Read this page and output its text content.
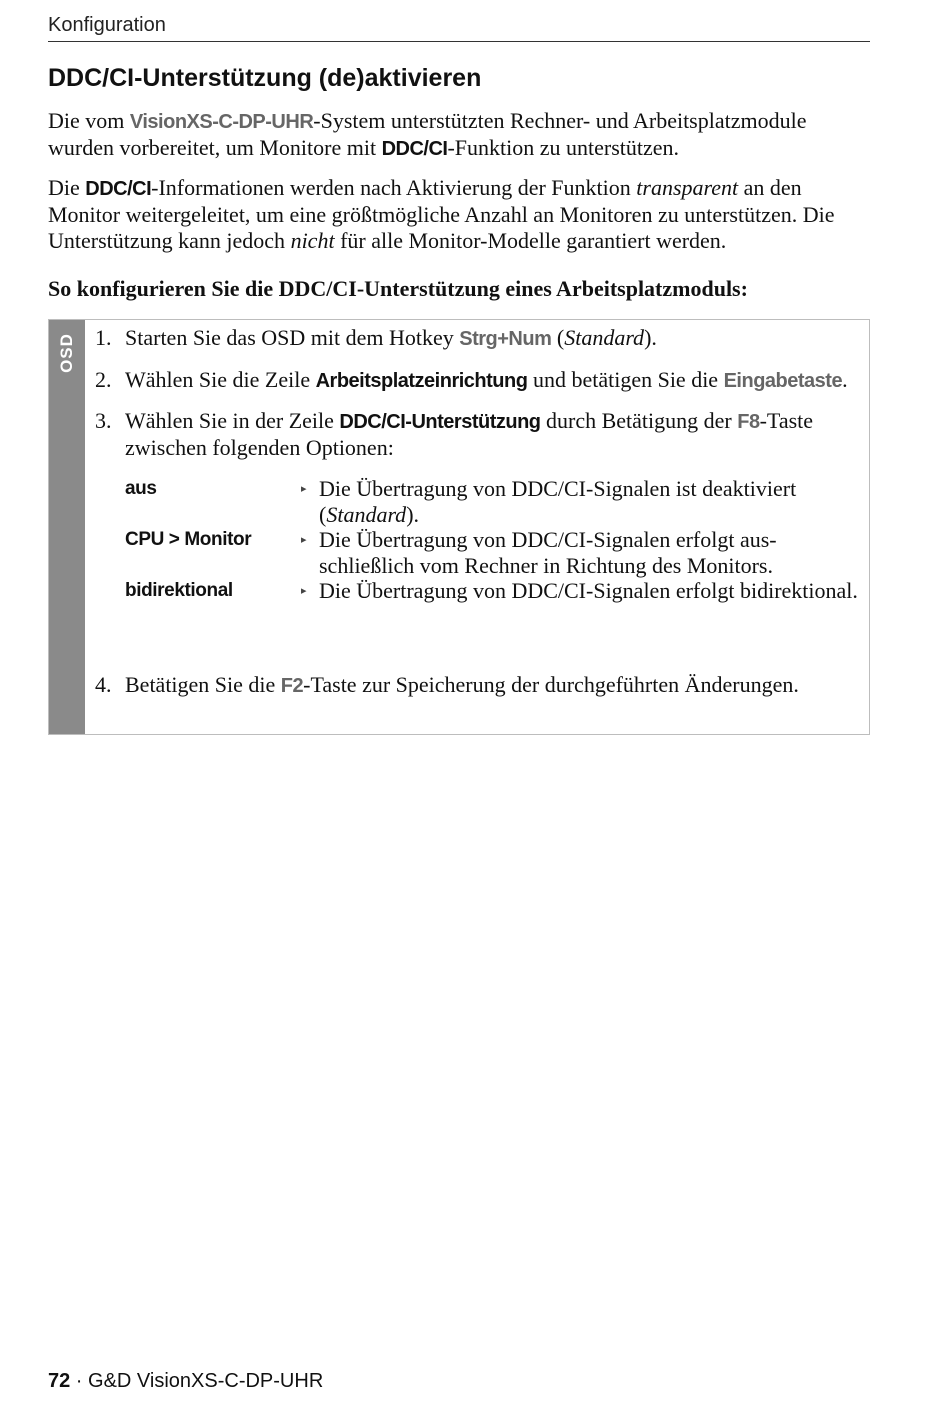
Konfiguration
DDC/CI-Unterstützung (de)aktivieren

Die vom VisionXS-C-DP-UHR-System unterstützten Rechner- und Arbeitsplatzmodule wurden vorbereitet, um Monitore mit DDC/CI-Funktion zu unterstützen.

Die DDC/CI-Informationen werden nach Aktivierung der Funktion transparent an den Monitor weitergeleitet, um eine größtmögliche Anzahl an Monitoren zu unterstützen. Die Unterstützung kann jedoch nicht für alle Monitor-Modelle garantiert werden.

So konfigurieren Sie die DDC/CI-Unterstützung eines Arbeitsplatzmoduls:

OSD 1. Starten Sie das OSD mit dem Hotkey Strg+Num (Standard).
2. Wählen Sie die Zeile Arbeitsplatzeinrichtung und betätigen Sie die Eingabetaste.
3. Wählen Sie in der Zeile DDC/CI-Unterstützung durch Betätigung der F8-Taste zwischen folgenden Optionen:
aus	▸ Die Übertragung von DDC/CI-Signalen ist deaktiviert (Standard).
CPU > Monitor	▸ Die Übertragung von DDC/CI-Signalen erfolgt aus-schließlich vom Rechner in Richtung des Monitors.
bidirektional	▸ Die Übertragung von DDC/CI-Signalen erfolgt bidirektional.
4. Betätigen Sie die F2-Taste zur Speicherung der durchgeführten Änderungen.
72 · G&D VisionXS-C-DP-UHR
